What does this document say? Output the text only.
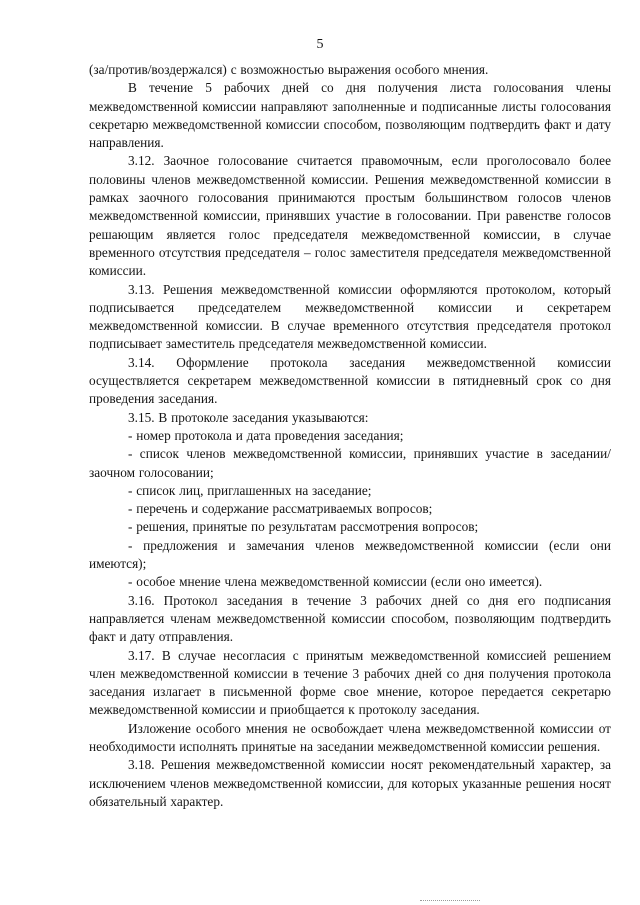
5

(за/против/воздержался) с возможностью выражения особого мнения.

В течение 5 рабочих дней со дня получения листа голосования члены межведомственной комиссии направляют заполненные и подписанные листы голосования секретарю межведомственной комиссии способом, позволяющим подтвердить факт и дату направления.

3.12. Заочное голосование считается правомочным, если проголосовало более половины членов межведомственной комиссии. Решения межведомственной комиссии в рамках заочного голосования принимаются простым большинством голосов членов межведомственной комиссии, принявших участие в голосовании. При равенстве голосов решающим является голос председателя межведомственной комиссии, в случае временного отсутствия председателя – голос заместителя председателя межведомственной комиссии.

3.13. Решения межведомственной комиссии оформляются протоколом, который подписывается председателем межведомственной комиссии и секретарем межведомственной комиссии. В случае временного отсутствия председателя протокол подписывает заместитель председателя межведомственной комиссии.

3.14. Оформление протокола заседания межведомственной комиссии осуществляется секретарем межведомственной комиссии в пятидневный срок со дня проведения заседания.

3.15. В протоколе заседания указываются:

- номер протокола и дата проведения заседания;

- список членов межведомственной комиссии, принявших участие в заседании/заочном голосовании;

- список лиц, приглашенных на заседание;

- перечень и содержание рассматриваемых вопросов;

- решения, принятые по результатам рассмотрения вопросов;

- предложения и замечания членов межведомственной комиссии (если они имеются);

- особое мнение члена межведомственной комиссии (если оно имеется).

3.16. Протокол заседания в течение 3 рабочих дней со дня его подписания направляется членам межведомственной комиссии способом, позволяющим подтвердить факт и дату отправления.

3.17. В случае несогласия с принятым межведомственной комиссией решением член межведомственной комиссии в течение 3 рабочих дней со дня получения протокола заседания излагает в письменной форме свое мнение, которое передается секретарю межведомственной комиссии и приобщается к протоколу заседания.

Изложение особого мнения не освобождает члена межведомственной комиссии от необходимости исполнять принятые на заседании межведомственной комиссии решения.

3.18. Решения межведомственной комиссии носят рекомендательный характер, за исключением членов межведомственной комиссии, для которых указанные решения носят обязательный характер.
